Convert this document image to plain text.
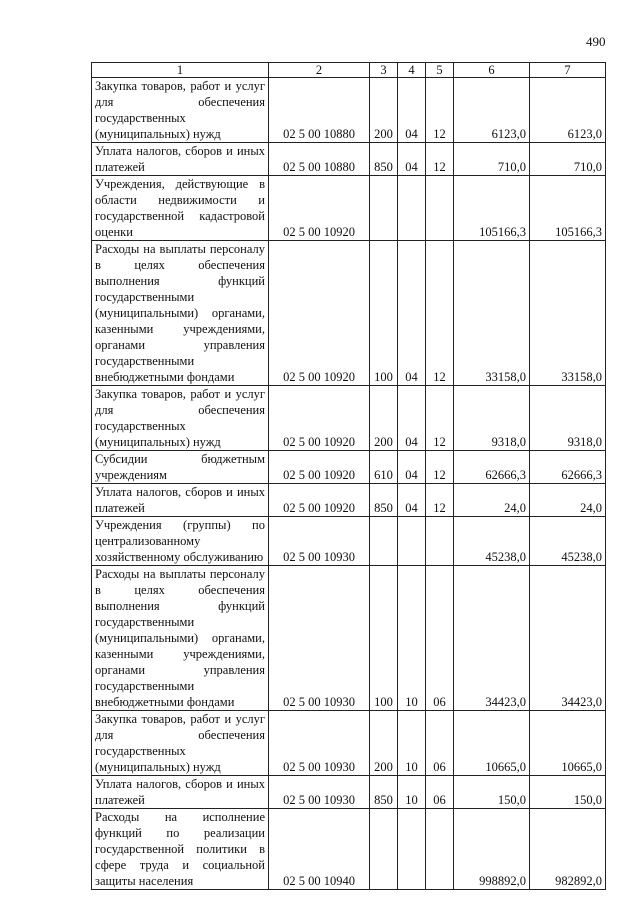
490
1	2	3	4	5	6	7
Закупка товаров, работ и услуг для обеспечения государственных (муниципальных) нужд	02 5 00 10880	200	04	12	6123,0	6123,0
Уплата налогов, сборов и иных платежей	02 5 00 10880	850	04	12	710,0	710,0
Учреждения, действующие в области недвижимости и государственной кадастровой оценки	02 5 00 10920				105166,3	105166,3
Расходы на выплаты персоналу в целях обеспечения выполнения функций государственными (муниципальными) органами, казенными учреждениями, органами управления государственными внебюджетными фондами	02 5 00 10920	100	04	12	33158,0	33158,0
Закупка товаров, работ и услуг для обеспечения государственных (муниципальных) нужд	02 5 00 10920	200	04	12	9318,0	9318,0
Субсидии бюджетным учреждениям	02 5 00 10920	610	04	12	62666,3	62666,3
Уплата налогов, сборов и иных платежей	02 5 00 10920	850	04	12	24,0	24,0
Учреждения (группы) по централизованному хозяйственному обслуживанию	02 5 00 10930				45238,0	45238,0
Расходы на выплаты персоналу в целях обеспечения выполнения функций государственными (муниципальными) органами, казенными учреждениями, органами управления государственными внебюджетными фондами	02 5 00 10930	100	10	06	34423,0	34423,0
Закупка товаров, работ и услуг для обеспечения государственных (муниципальных) нужд	02 5 00 10930	200	10	06	10665,0	10665,0
Уплата налогов, сборов и иных платежей	02 5 00 10930	850	10	06	150,0	150,0
Расходы на исполнение функций по реализации государственной политики в сфере труда и социальной защиты населения	02 5 00 10940				998892,0	982892,0
